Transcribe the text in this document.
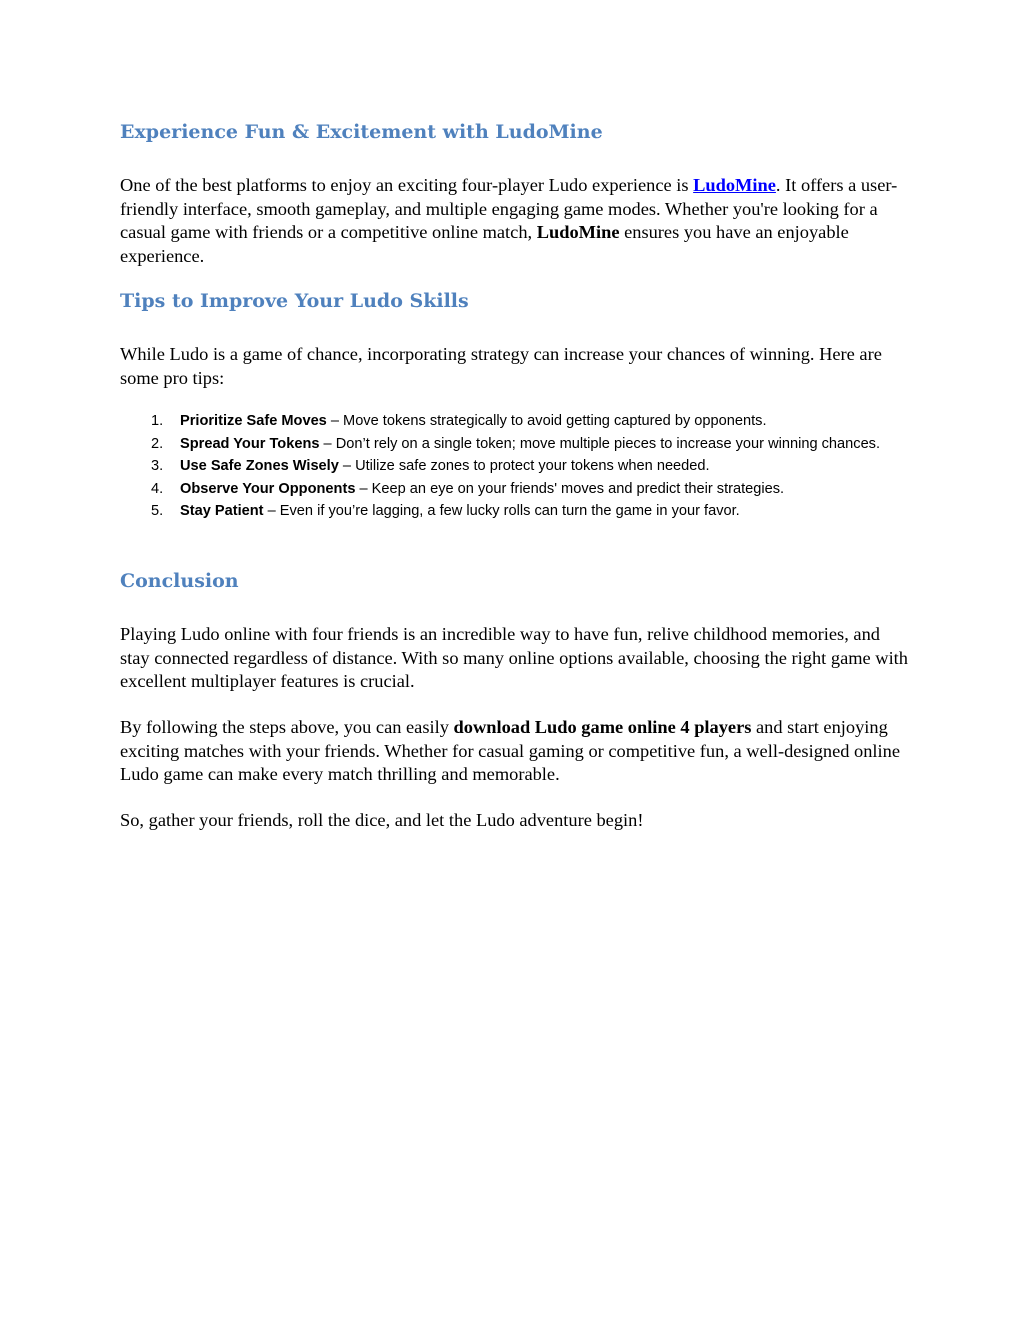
Experience Fun & Excitement with LudoMine

One of the best platforms to enjoy an exciting four-player Ludo experience is LudoMine. It offers a user-friendly interface, smooth gameplay, and multiple engaging game modes. Whether you're looking for a casual game with friends or a competitive online match, LudoMine ensures you have an enjoyable experience.

Tips to Improve Your Ludo Skills

While Ludo is a game of chance, incorporating strategy can increase your chances of winning. Here are some pro tips:

1. Prioritize Safe Moves – Move tokens strategically to avoid getting captured by opponents.
2. Spread Your Tokens – Don’t rely on a single token; move multiple pieces to increase your winning chances.
3. Use Safe Zones Wisely – Utilize safe zones to protect your tokens when needed.
4. Observe Your Opponents – Keep an eye on your friends' moves and predict their strategies.
5. Stay Patient – Even if you’re lagging, a few lucky rolls can turn the game in your favor.
Conclusion

Playing Ludo online with four friends is an incredible way to have fun, relive childhood memories, and stay connected regardless of distance. With so many online options available, choosing the right game with excellent multiplayer features is crucial.

By following the steps above, you can easily download Ludo game online 4 players and start enjoying exciting matches with your friends. Whether for casual gaming or competitive fun, a well-designed online Ludo game can make every match thrilling and memorable.

So, gather your friends, roll the dice, and let the Ludo adventure begin!
